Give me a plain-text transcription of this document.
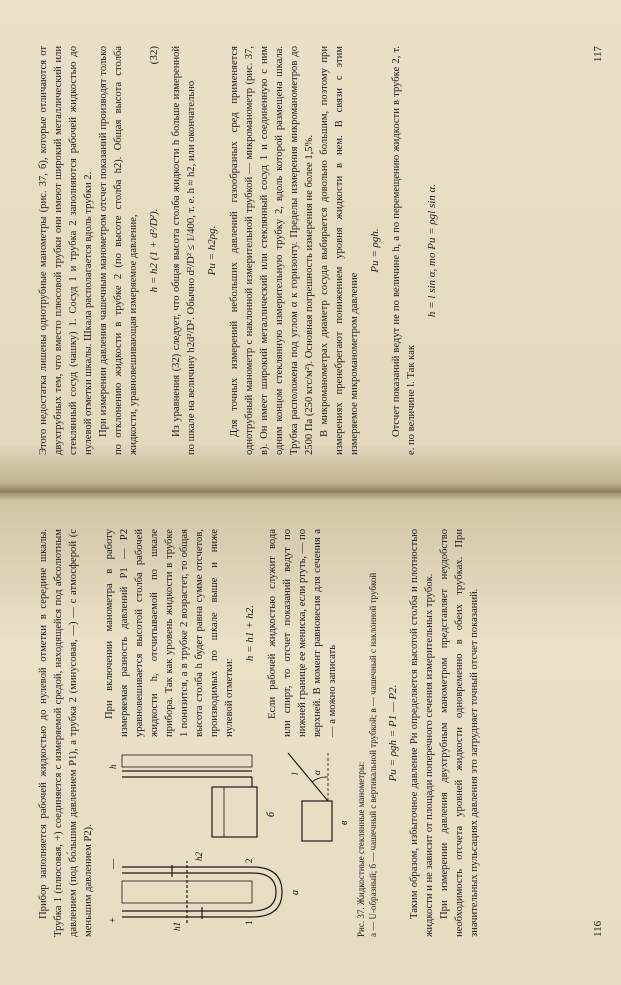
Прибор заполняется рабочей жидкостью до нулевой отметки в середине шкалы. Трубка 1 (плюсовая, +) соединяется с измеряемой средой, находящейся под абсолютным давлением (под бо́льшим давлением P1), а трубка 2 (минусовая, —) — с атмосферой (с меньшим давлением P2). +
—
h1
h2
1
2
а
h
б
α
l
в

При включении манометра в работу измеряемая разность давлений P1 — P2 уравновешивается высотой столба рабочей жидкости h, отсчитываемой по шкале прибора. Так как уровень жидкости в трубке 1 понизится, а в трубке 2 возрастет, то общая высота столба h будет равна сумме отсчетов, производимых по шкале выше и ниже нулевой отметки:

h = h1 + h2. Если рабочей жидкостью служит вода или спирт, то отсчет показаний ведут по нижней границе ее мениска, если ртуть, — по верхней. В момент равновесия для сечения а — а можно записать

Рис. 37. Жидкостные стеклянные манометры: а — U-образный; б — чашечный с вертикальной трубкой; в — чашечный с наклонной трубкой Pи = ρgh = P1 — P2. Таким образом, избыточное давление Pи определяется высотой столба и плотностью жидкости и не зависит от площади поперечного сечения измерительных трубок. При измерении давления двухтрубным манометром представляет неудобство необходимость отсчета уровней жидкости одновременно в обеих трубках. При значительных пульсациях давления это затрудняет точный отсчет показаний.	116

Этого недостатка лишены однотрубные манометры (рис. 37, б), которые отличаются от двухтрубных тем, что вместо плюсовой трубки они имеют широкий металлический или стеклянный сосуд (чашку) 1. Сосуд 1 и трубка 2 заполняются рабочей жидкостью до нулевой отметки шкалы. Шкала располагается вдоль трубки 2. При измерении давления чашечным манометром отсчет показаний производят только по отклонению жидкости в трубке 2 (по высоте столба h2). Общая высота столба жидкости, уравновешивающая измеряемое давление, h = h2 (1 + d²/D²).
(32) Из уравнения (32) следует, что общая высота столба жидкости h больше измеренной по шкале на величину h2d²/D². Обычно d²/D² ≤ 1/400, т. е. h ≈ h2, или окончательно Pи = h2ρg. Для точных измерений небольших давлений газообразных сред применяется однотрубный манометр с наклонной измерительной трубкой — микроманометр (рис. 37, в). Он имеет широкий металлический или стеклянный сосуд 1 и соединенную с ним одним концом стеклянную измерительную трубку 2, вдоль которой размещена шкала. Трубка расположена под углом α к горизонту. Пределы измерения микроманометров до 2500 Па (250 кгс/м²). Основная погрешность измерения не более 1,5%. В микроманометрах диаметр сосуда выбирается довольно большим, поэтому при измерениях пренебрегают понижением уровня жидкости в нем. В связи с этим измеряемое микроманометром давление

Pи = ρgh. Отсчет показаний ведут не по величине h, а по перемещению жидкости в трубке 2, т. е. по величине l. Так как

h = l sin α, то Pи = ρgl sin α.
117
